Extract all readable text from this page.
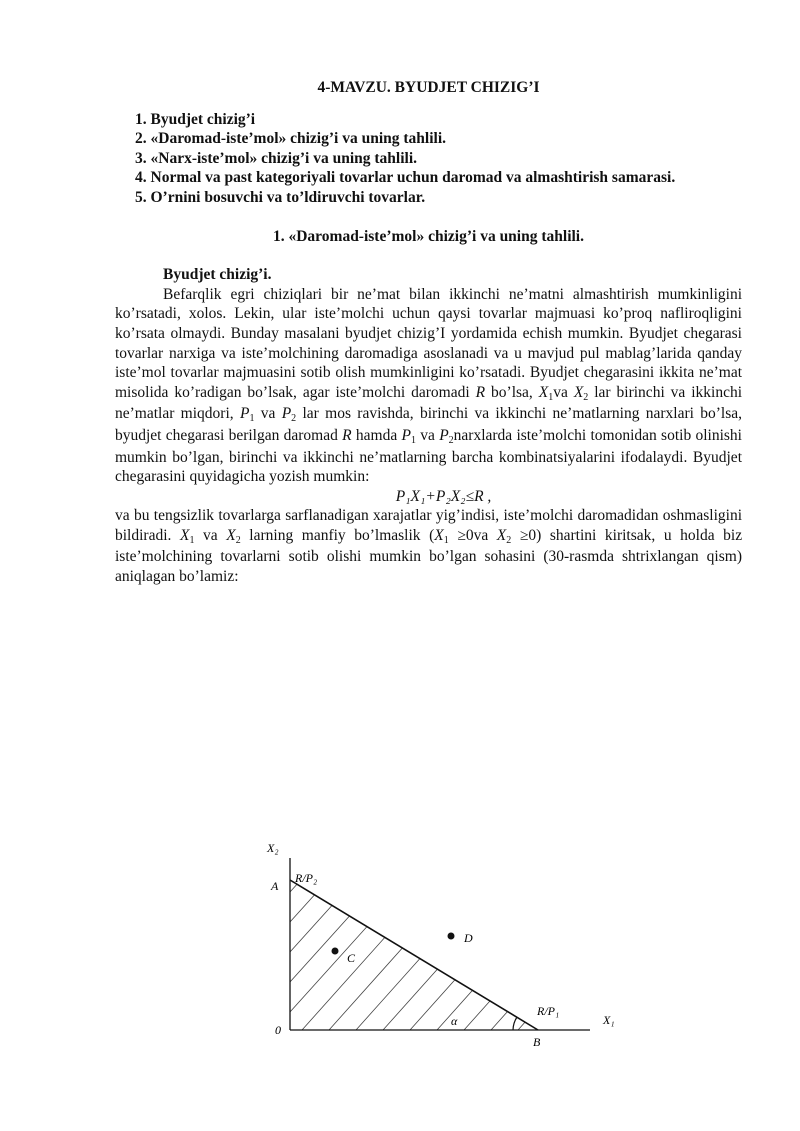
4-MAVZU. BYUDJET CHIZIG’I
1. Byudjet chizig’i
2. «Daromad-iste’mol» chizig’i va uning tahlili.
3. «Narx-iste’mol» chizig’i va uning tahlili.
4. Normal va past kategoriyali tovarlar uchun daromad va almashtirish samarasi.
5. O’rnini bosuvchi va to’ldiruvchi tovarlar.
1. «Daromad-iste’mol» chizig’i va uning tahlili.
Byudjet chizig’i.

Befarqlik egri chiziqlari bir ne’mat bilan ikkinchi ne’matni almashtirish mumkinligini ko’rsatadi, xolos. Lekin, ular iste’molchi uchun qaysi tovarlar majmuasi ko’proq nafliroqligini ko’rsata olmaydi. Bunday masalani byudjet chizig’I yordamida echish mumkin. Byudjet chegarasi tovarlar narxiga va iste’molchining daromadiga asoslanadi va u mavjud pul mablag’larida qanday iste’mol tovarlar majmuasini sotib olish mumkinligini ko’rsatadi. Byudjet chegarasini ikkita ne’mat misolida ko’radigan bo’lsak, agar iste’molchi daromadi R bo’lsa, X1va X2 lar birinchi va ikkinchi ne’matlar miqdori, P1 va P2 lar mos ravishda, birinchi va ikkinchi ne’matlarning narxlari bo’lsa, byudjet chegarasi berilgan daromad R hamda P1 va P2narxlarda iste’molchi tomonidan sotib olinishi mumkin bo’lgan, birinchi va ikkinchi ne’matlarning barcha kombinatsiyalarini ifodalaydi. Byudjet chegarasini quyidagicha yozish mumkin:

P₁X₁+P₂X₂≤R ,

va bu tengsizlik tovarlarga sarflanadigan xarajatlar yig’indisi, iste’molchi daromadidan oshmasligini bildiradi. X1 va X2 larning manfiy bo’lmaslik (X1 ≥0va X2 ≥0) shartini kiritsak, u holda biz iste’molchining tovarlarni sotib olishi mumkin bo’lgan sohasini (30-rasmda shtrixlangan qism) aniqlagan bo’lamiz:

X₂
R/P₂
A
C
D
α
R/P₁
X₁
0
B
